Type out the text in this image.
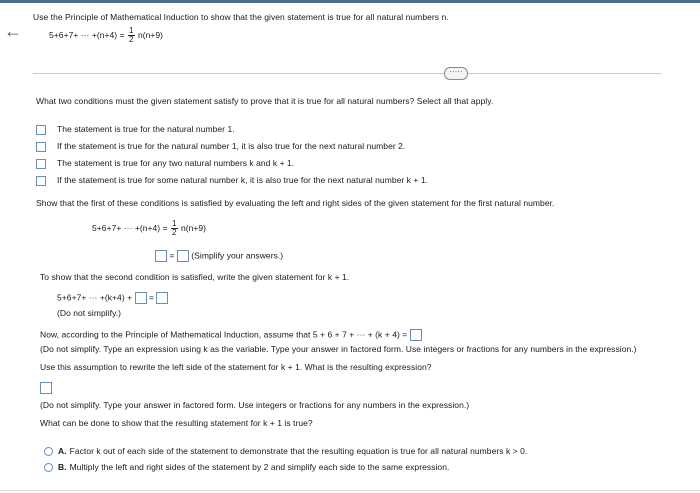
←
Use the Principle of Mathematical Induction to show that the given statement is true for all natural numbers n.
5+6+7+ ··· $+(n+4) = \frac{1}{2} n(n+9)$
·····
What two conditions must the given statement satisfy to prove that it is true for all natural numbers? Select all that apply.
The statement is true for the natural number 1.
If the statement is true for the natural number 1, it is also true for the next natural number 2.
The statement is true for any two natural numbers k and k + 1.
If the statement is true for some natural number k, it is also true for the next natural number k + 1.
Show that the first of these conditions is satisfied by evaluating the left and right sides of the given statement for the first natural number.
5+6+7+ ··· $+(n+4) = \frac{1}{2} n(n+9)$
= (Simplify your answers.)
To show that the second condition is satisfied, write the given statement for k + 1.
5+6+7+ ··· +(k+4) + =
(Do not simplify.)
Now, according to the Principle of Mathematical Induction, assume that 5 + 6 + 7 + ··· + (k + 4) =
(Do not simplify. Type an expression using k as the variable. Type your answer in factored form. Use integers or fractions for any numbers in the expression.)
Use this assumption to rewrite the left side of the statement for k + 1. What is the resulting expression?
(Do not simplify. Type your answer in factored form. Use integers or fractions for any numbers in the expression.)
What can be done to show that the resulting statement for k + 1 is true?
A. Factor k out of each side of the statement to demonstrate that the resulting equation is true for all natural numbers k > 0.
B. Multiply the left and right sides of the statement by 2 and simplify each side to the same expression.
